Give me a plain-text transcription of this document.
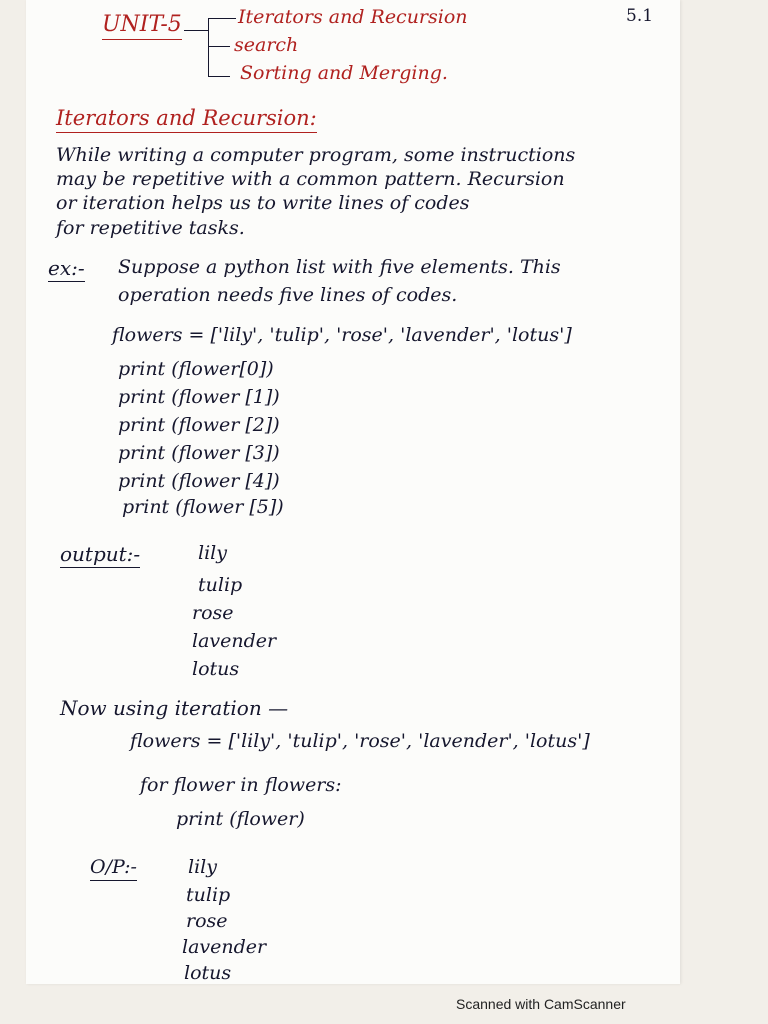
UNIT-5	5.1
Iterators and Recursion
search
Sorting and Merging.
Iterators and Recursion:
While writing a computer program, some instructions
may be repetitive with a common pattern. Recursion
or iteration helps us to write lines of codes
for repetitive tasks.
ex:- Suppose a python list with five elements. This
operation needs five lines of codes.
flowers = ['lily', 'tulip', 'rose', 'lavender', 'lotus']
print (flower[0])
print (flower [1])
print (flower [2])
print (flower [3])
print (flower [4])
print (flower [5])
output:-	lily
tulip
rose
lavender
lotus
Now using iteration —
flowers = ['lily', 'tulip', 'rose', 'lavender', 'lotus']
for flower in flowers:
print (flower)
O/P:-	lily
tulip
rose
lavender
lotus
Scanned with CamScanner
